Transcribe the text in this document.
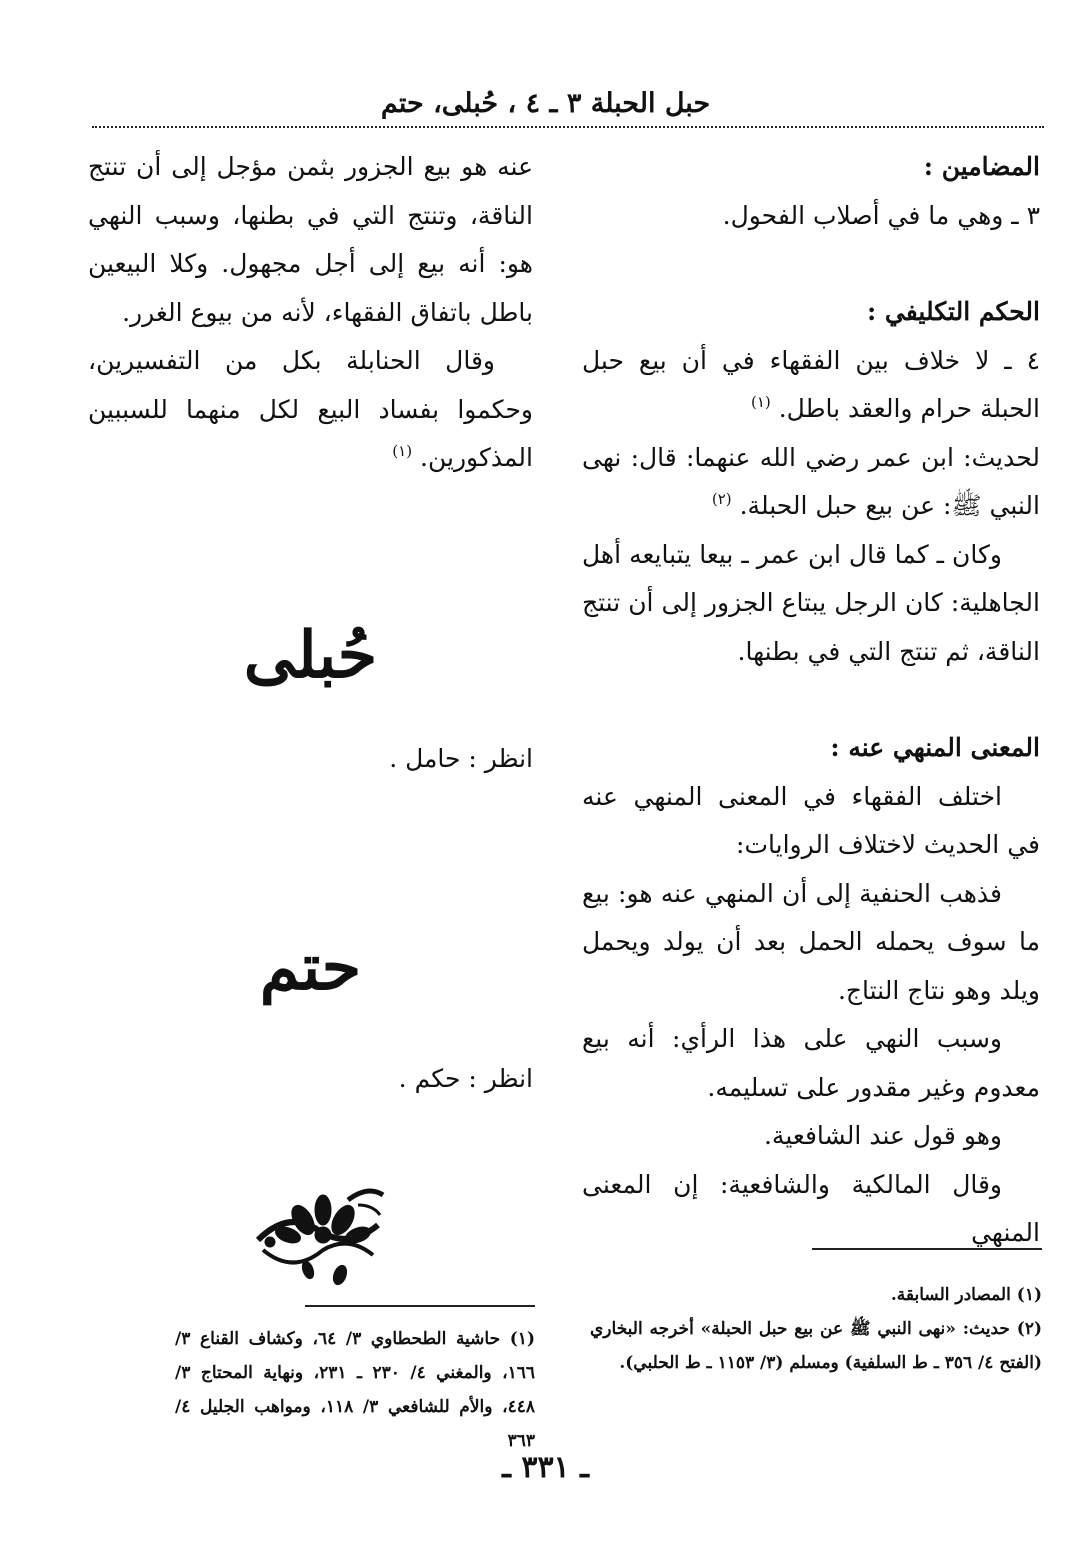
حبل الحبلة ٣ ـ ٤ ، حُبلى، حتم

المضامين :

٣ ـ وهي ما في أصلاب الفحول.

الحكم التكليفي :

٤ ـ لا خلاف بين الفقهاء في أن بيع حبل الحبلة حرام والعقد باطل. $^{(١)}$

لحديث: ابن عمر رضي الله عنهما: قال: نهى النبي ﷺ: عن بيع حبل الحبلة. $^{(٢)}$

وكان ـ كما قال ابن عمر ـ بيعا يتبايعه أهل الجاهلية: كان الرجل يبتاع الجزور إلى أن تنتج الناقة، ثم تنتج التي في بطنها.

المعنى المنهي عنه :

اختلف الفقهاء في المعنى المنهي عنه في الحديث لاختلاف الروايات:

فذهب الحنفية إلى أن المنهي عنه هو: بيع ما سوف يحمله الحمل بعد أن يولد ويحمل ويلد وهو نتاج النتاج.

وسبب النهي على هذا الرأي: أنه بيع معدوم وغير مقدور على تسليمه.

وهو قول عند الشافعية.

وقال المالكية والشافعية: إن المعنى المنهي

عنه هو بيع الجزور بثمن مؤجل إلى أن تنتج الناقة، وتنتج التي في بطنها، وسبب النهي هو: أنه بيع إلى أجل مجهول. وكلا البيعين باطل باتفاق الفقهاء، لأنه من بيوع الغرر.

وقال الحنابلة بكل من التفسيرين، وحكموا بفساد البيع لكل منهما للسببين المذكورين. $^{(١)}$

حُبلى
انظر : حامل .
حتم
انظر : حكم .

(١) حاشية الطحطاوي ٣/ ٦٤، وكشاف القناع ٣/ ١٦٦، والمغني ٤/ ٢٣٠ ـ ٢٣١، ونهاية المحتاج ٣/ ٤٤٨، والأم للشافعي ٣/ ١١٨، ومواهب الجليل ٤/ ٣٦٣

(١) المصادر السابقة.

(٢) حديث: «نهى النبي ﷺ عن بيع حبل الحبلة» أخرجه البخاري (الفتح ٤/ ٣٥٦ ـ ط السلفية) ومسلم (٣/ ١١٥٣ ـ ط الحلبي).

ـ ٣٣١ ـ
